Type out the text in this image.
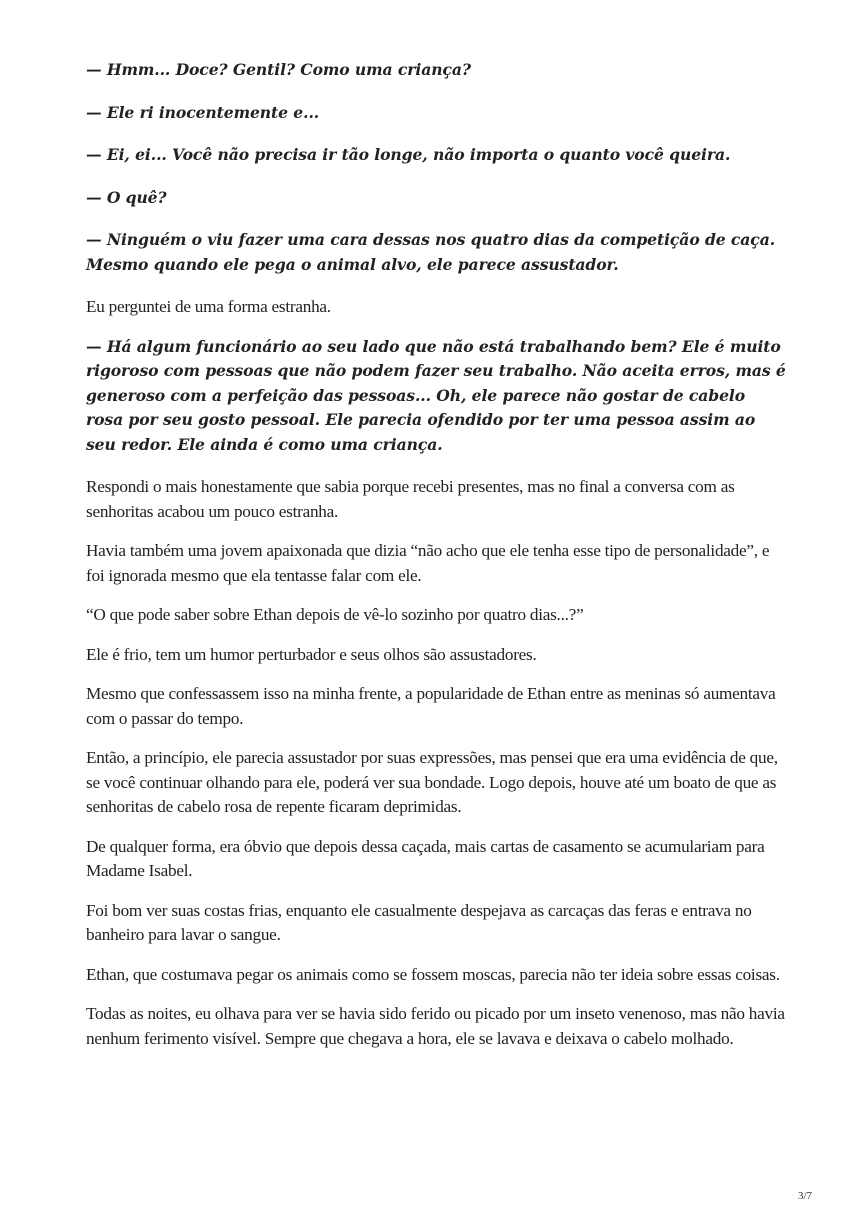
— Hmm... Doce? Gentil? Como uma criança?

— Ele ri inocentemente e...

— Ei, ei... Você não precisa ir tão longe, não importa o quanto você queira.

— O quê?

— Ninguém o viu fazer uma cara dessas nos quatro dias da competição de caça. Mesmo quando ele pega o animal alvo, ele parece assustador.

Eu perguntei de uma forma estranha.

— Há algum funcionário ao seu lado que não está trabalhando bem? Ele é muito rigoroso com pessoas que não podem fazer seu trabalho. Não aceita erros, mas é generoso com a perfeição das pessoas... Oh, ele parece não gostar de cabelo rosa por seu gosto pessoal. Ele parecia ofendido por ter uma pessoa assim ao seu redor. Ele ainda é como uma criança.

Respondi o mais honestamente que sabia porque recebi presentes, mas no final a conversa com as senhoritas acabou um pouco estranha.

Havia também uma jovem apaixonada que dizia “não acho que ele tenha esse tipo de personalidade”, e foi ignorada mesmo que ela tentasse falar com ele.

“O que pode saber sobre Ethan depois de vê-lo sozinho por quatro dias...?”

Ele é frio, tem um humor perturbador e seus olhos são assustadores.

Mesmo que confessassem isso na minha frente, a popularidade de Ethan entre as meninas só aumentava com o passar do tempo.

Então, a princípio, ele parecia assustador por suas expressões, mas pensei que era uma evidência de que, se você continuar olhando para ele, poderá ver sua bondade. Logo depois, houve até um boato de que as senhoritas de cabelo rosa de repente ficaram deprimidas.

De qualquer forma, era óbvio que depois dessa caçada, mais cartas de casamento se acumulariam para Madame Isabel.

Foi bom ver suas costas frias, enquanto ele casualmente despejava as carcaças das feras e entrava no banheiro para lavar o sangue.

Ethan, que costumava pegar os animais como se fossem moscas, parecia não ter ideia sobre essas coisas.

Todas as noites, eu olhava para ver se havia sido ferido ou picado por um inseto venenoso, mas não havia nenhum ferimento visível. Sempre que chegava a hora, ele se lavava e deixava o cabelo molhado.

3/7
